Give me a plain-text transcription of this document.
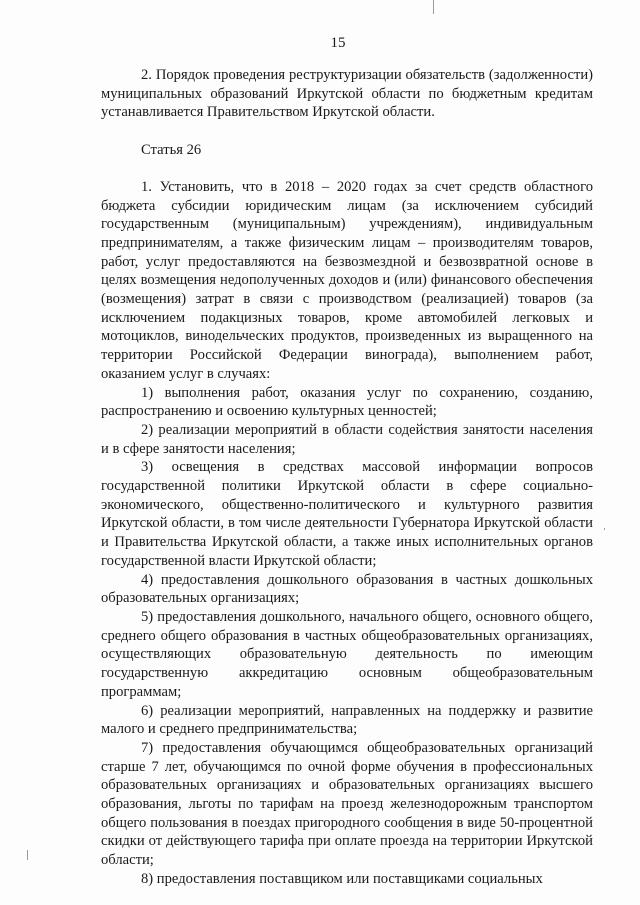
15

2. Порядок проведения реструктуризации обязательств (задолженности) муниципальных образований Иркутской области по бюджетным кредитам устанавливается Правительством Иркутской области.

Статья 26

1. Установить, что в 2018 – 2020 годах за счет средств областного бюджета субсидии юридическим лицам (за исключением субсидий государственным (муниципальным) учреждениям), индивидуальным предпринимателям, а также физическим лицам – производителям товаров, работ, услуг предоставляются на безвозмездной и безвозвратной основе в целях возмещения недополученных доходов и (или) финансового обеспечения (возмещения) затрат в связи с производством (реализацией) товаров (за исключением подакцизных товаров, кроме автомобилей легковых и мотоциклов, винодельческих продуктов, произведенных из выращенного на территории Российской Федерации винограда), выполнением работ, оказанием услуг в случаях:

1) выполнения работ, оказания услуг по сохранению, созданию, распространению и освоению культурных ценностей;

2) реализации мероприятий в области содействия занятости населения и в сфере занятости населения;

3) освещения в средствах массовой информации вопросов государственной политики Иркутской области в сфере социально-экономического, общественно-политического и культурного развития Иркутской области, в том числе деятельности Губернатора Иркутской области и Правительства Иркутской области, а также иных исполнительных органов государственной власти Иркутской области;

4) предоставления дошкольного образования в частных дошкольных образовательных организациях;

5) предоставления дошкольного, начального общего, основного общего, среднего общего образования в частных общеобразовательных организациях, осуществляющих образовательную деятельность по имеющим государственную аккредитацию основным общеобразовательным программам;

6) реализации мероприятий, направленных на поддержку и развитие малого и среднего предпринимательства;

7) предоставления обучающимся общеобразовательных организаций старше 7 лет, обучающимся по очной форме обучения в профессиональных образовательных организациях и образовательных организациях высшего образования, льготы по тарифам на проезд железнодорожным транспортом общего пользования в поездах пригородного сообщения в виде 50-процентной скидки от действующего тарифа при оплате проезда на территории Иркутской области;

8) предоставления поставщиком или поставщиками социальных
